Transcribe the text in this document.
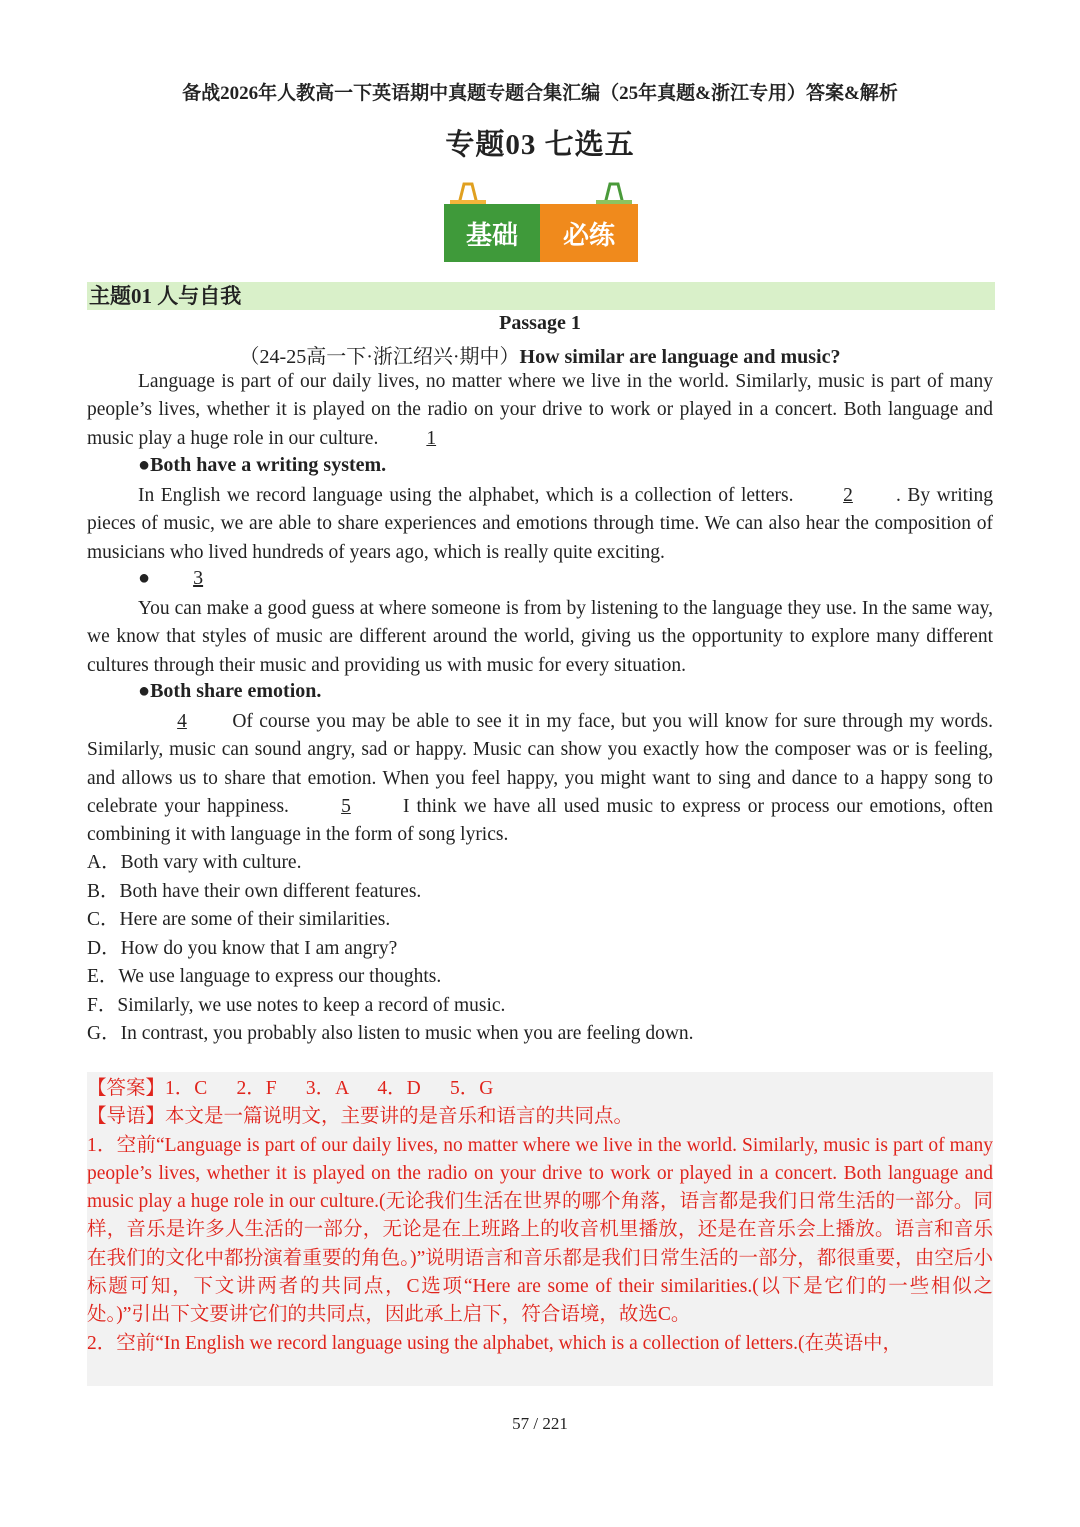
备战2026年人教高一下英语期中真题专题合集汇编（25年真题&浙江专用）答案&解析
专题03 七选五
基础	必练
主题01 人与自我
Passage 1
（24-25高一下·浙江绍兴·期中）How similar are language and music?
Language is part of our daily lives, no matter where we live in the world. Similarly, music is part of many people’s lives, whether it is played on the radio on your drive to work or played in a concert. Both language and music play a huge role in our culture. 1
●Both have a writing system.
In English we record language using the alphabet, which is a collection of letters.	2 . By writing pieces of music, we are able to share experiences and emotions through time. We can also hear the composition of musicians who lived hundreds of years ago, which is really quite exciting.
● 3
You can make a good guess at where someone is from by listening to the language they use. In the same way, we know that styles of music are different around the world, giving us the opportunity to explore many different cultures through their music and providing us with music for every situation.
●Both share emotion.
4 Of course you may be able to see it in my face, but you will know for sure through my words. Similarly, music can sound angry, sad or happy. Music can show you exactly how the composer was or is feeling, and allows us to share that emotion. When you feel happy, you might want to sing and dance to a happy song to celebrate your happiness.	5	I think we have all used music to express or process our emotions, often combining it with language in the form of song lyrics.
A．Both vary with culture.
B．Both have their own different features.
C．Here are some of their similarities.
D．How do you know that I am angry?
E．We use language to express our thoughts.
F．Similarly, we use notes to keep a record of music.
G．In contrast, you probably also listen to music when you are feeling down.
【答案】1．C      2．F      3．A      4．D      5．G
【导语】本文是一篇说明文，主要讲的是音乐和语言的共同点。
1．空前“Language is part of our daily lives, no matter where we live in the world. Similarly, music is part of many people’s lives, whether it is played on the radio on your drive to work or played in a concert. Both language and music play a huge role in our culture.(无论我们生活在世界的哪个角落，语言都是我们日常生活的一部分。同样，音乐是许多人生活的一部分，无论是在上班路上的收音机里播放，还是在音乐会上播放。语言和音乐在我们的文化中都扮演着重要的角色。)”说明语言和音乐都是我们日常生活的一部分，都很重要，由空后小标题可知，下文讲两者的共同点，C选项“Here are some of their similarities.(以下是它们的一些相似之处。)”引出下文要讲它们的共同点，因此承上启下，符合语境，故选C。
2．空前“In English we record language using the alphabet, which is a collection of letters.(在英语中，
57 / 221
